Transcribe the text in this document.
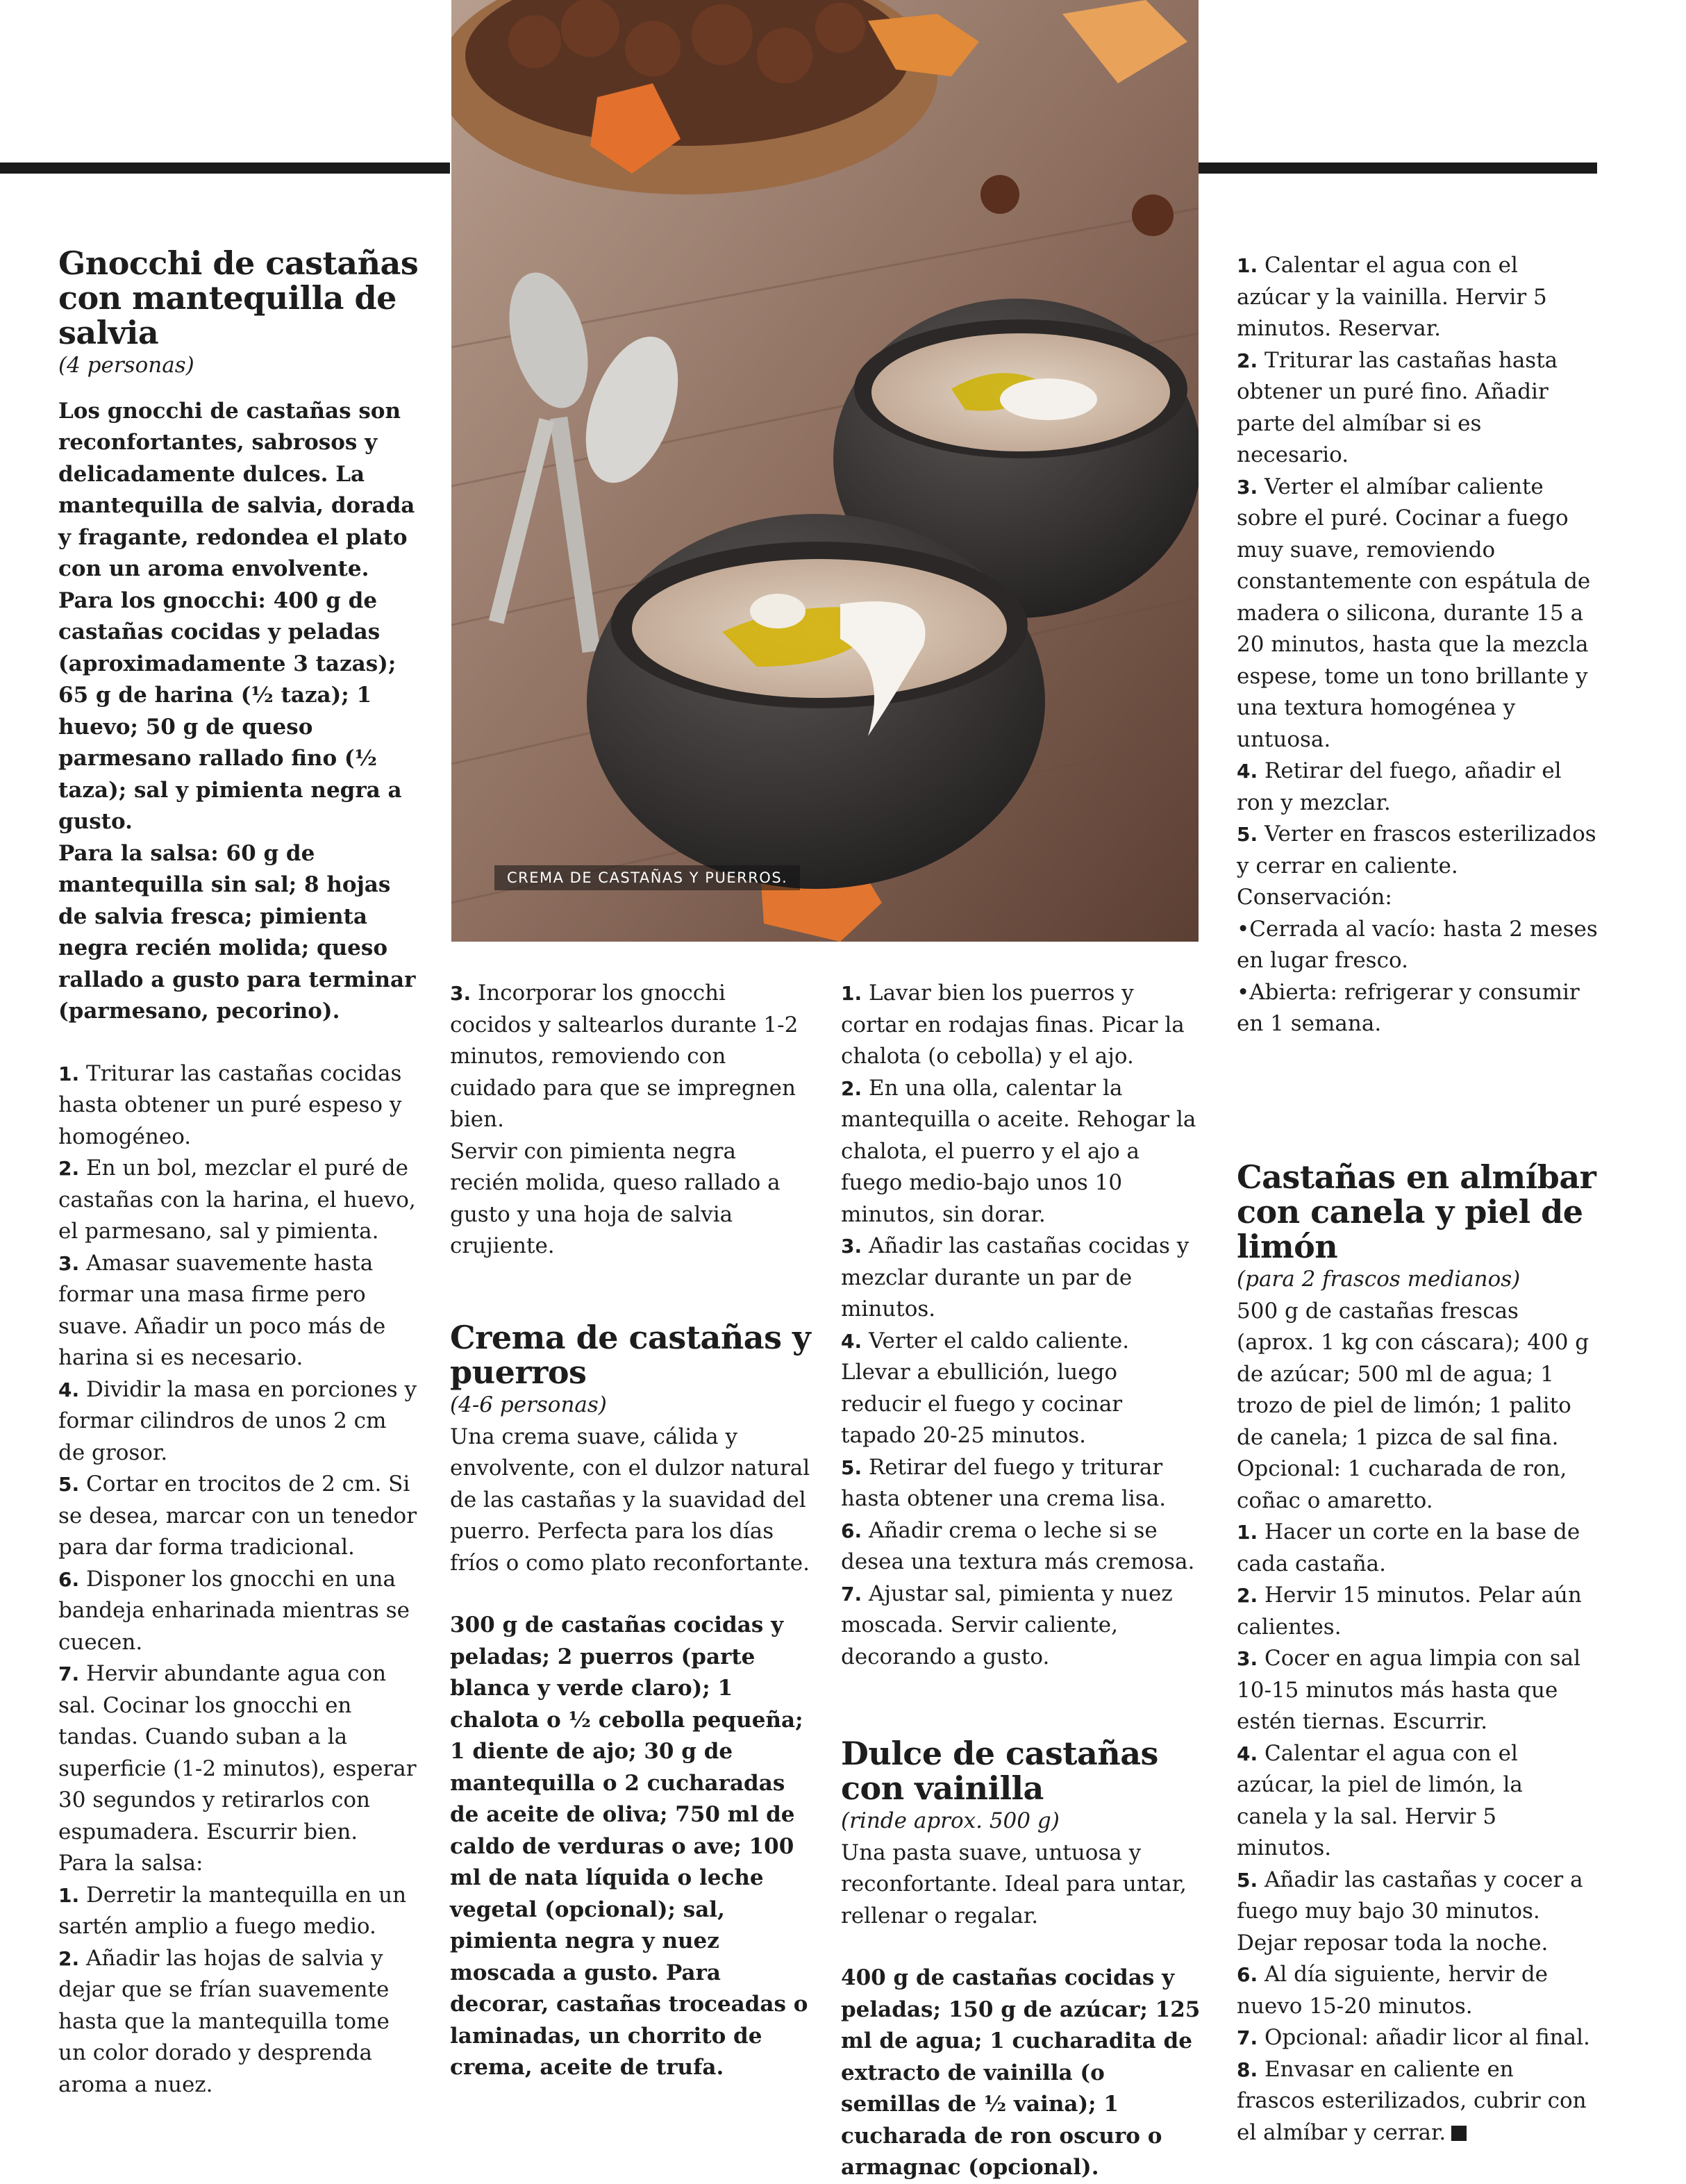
CREMA DE CASTAÑAS Y PUERROS.
Gnocchi de castañas con mantequilla de salvia

(4 personas)

Los gnocchi de castañas son reconfortantes, sabrosos y delicadamente dulces. La mantequilla de salvia, dorada y fragante, redondea el plato con un aroma envolvente.

Para los gnocchi: 400 g de castañas cocidas y peladas (aproximadamente 3 tazas); 65 g de harina (½ taza); 1 huevo; 50 g de queso parmesano rallado fino (½ taza); sal y pimienta negra a gusto.

Para la salsa: 60 g de mantequilla sin sal; 8 hojas de salvia fresca; pimienta negra recién molida; queso rallado a gusto para terminar (parmesano, pecorino).

1. Triturar las castañas cocidas hasta obtener un puré espeso y homogéneo.
2. En un bol, mezclar el puré de castañas con la harina, el huevo, el parmesano, sal y pimienta.
3. Amasar suavemente hasta formar una masa firme pero suave. Añadir un poco más de harina si es necesario.
4. Dividir la masa en porciones y formar cilindros de unos 2 cm de grosor.
5. Cortar en trocitos de 2 cm. Si se desea, marcar con un tenedor para dar forma tradicional.
6. Disponer los gnocchi en una bandeja enharinada mientras se cuecen.
7. Hervir abundante agua con sal. Cocinar los gnocchi en tandas. Cuando suban a la superficie (1-2 minutos), esperar 30 segundos y retirarlos con espumadera. Escurrir bien.

Para la salsa:

1. Derretir la mantequilla en un sartén amplio a fuego medio.
2. Añadir las hojas de salvia y dejar que se frían suavemente hasta que la mantequilla tome un color dorado y desprenda aroma a nuez.
3. Incorporar los gnocchi cocidos y saltearlos durante 1-2 minutos, removiendo con cuidado para que se impregnen bien.

Servir con pimienta negra recién molida, queso rallado a gusto y una hoja de salvia crujiente.

Crema de castañas y puerros

(4-6 personas)

Una crema suave, cálida y envolvente, con el dulzor natural de las castañas y la suavidad del puerro. Perfecta para los días fríos o como plato reconfortante.

300 g de castañas cocidas y peladas; 2 puerros (parte blanca y verde claro); 1 chalota o ½ cebolla pequeña; 1 diente de ajo; 30 g de mantequilla o 2 cucharadas de aceite de oliva; 750 ml de caldo de verduras o ave; 100 ml de nata líquida o leche vegetal (opcional); sal, pimienta negra y nuez moscada a gusto. Para decorar, castañas troceadas o laminadas, un chorrito de crema, aceite de trufa.

1. Lavar bien los puerros y cortar en rodajas finas. Picar la chalota (o cebolla) y el ajo.
2. En una olla, calentar la mantequilla o aceite. Rehogar la chalota, el puerro y el ajo a fuego medio-bajo unos 10 minutos, sin dorar.
3. Añadir las castañas cocidas y mezclar durante un par de minutos.
4. Verter el caldo caliente. Llevar a ebullición, luego reducir el fuego y cocinar tapado 20-25 minutos.
5. Retirar del fuego y triturar hasta obtener una crema lisa.
6. Añadir crema o leche si se desea una textura más cremosa.
7. Ajustar sal, pimienta y nuez moscada. Servir caliente, decorando a gusto.
Dulce de castañas con vainilla

(rinde aprox. 500 g)

Una pasta suave, untuosa y reconfortante. Ideal para untar, rellenar o regalar.

400 g de castañas cocidas y peladas; 150 g de azúcar; 125 ml de agua; 1 cucharadita de extracto de vainilla (o semillas de ½ vaina); 1 cucharada de ron oscuro o armagnac (opcional).

1. Calentar el agua con el azúcar y la vainilla. Hervir 5 minutos. Reservar.
2. Triturar las castañas hasta obtener un puré fino. Añadir parte del almíbar si es necesario.
3. Verter el almíbar caliente sobre el puré. Cocinar a fuego muy suave, removiendo constantemente con espátula de madera o silicona, durante 15 a 20 minutos, hasta que la mezcla espese, tome un tono brillante y una textura homogénea y untuosa.
4. Retirar del fuego, añadir el ron y mezclar.
5. Verter en frascos esterilizados y cerrar en caliente.

Conservación:

•Cerrada al vacío: hasta 2 meses en lugar fresco.

•Abierta: refrigerar y consumir en 1 semana.

Castañas en almíbar con canela y piel de limón

(para 2 frascos medianos)

500 g de castañas frescas (aprox. 1 kg con cáscara); 400 g de azúcar; 500 ml de agua; 1 trozo de piel de limón; 1 palito de canela; 1 pizca de sal fina. Opcional: 1 cucharada de ron, coñac o amaretto.

1. Hacer un corte en la base de cada castaña.
2. Hervir 15 minutos. Pelar aún calientes.
3. Cocer en agua limpia con sal 10-15 minutos más hasta que estén tiernas. Escurrir.
4. Calentar el agua con el azúcar, la piel de limón, la canela y la sal. Hervir 5 minutos.
5. Añadir las castañas y cocer a fuego muy bajo 30 minutos. Dejar reposar toda la noche.
6. Al día siguiente, hervir de nuevo 15-20 minutos.
7. Opcional: añadir licor al final.
8. Envasar en caliente en frascos esterilizados, cubrir con el almíbar y cerrar.
